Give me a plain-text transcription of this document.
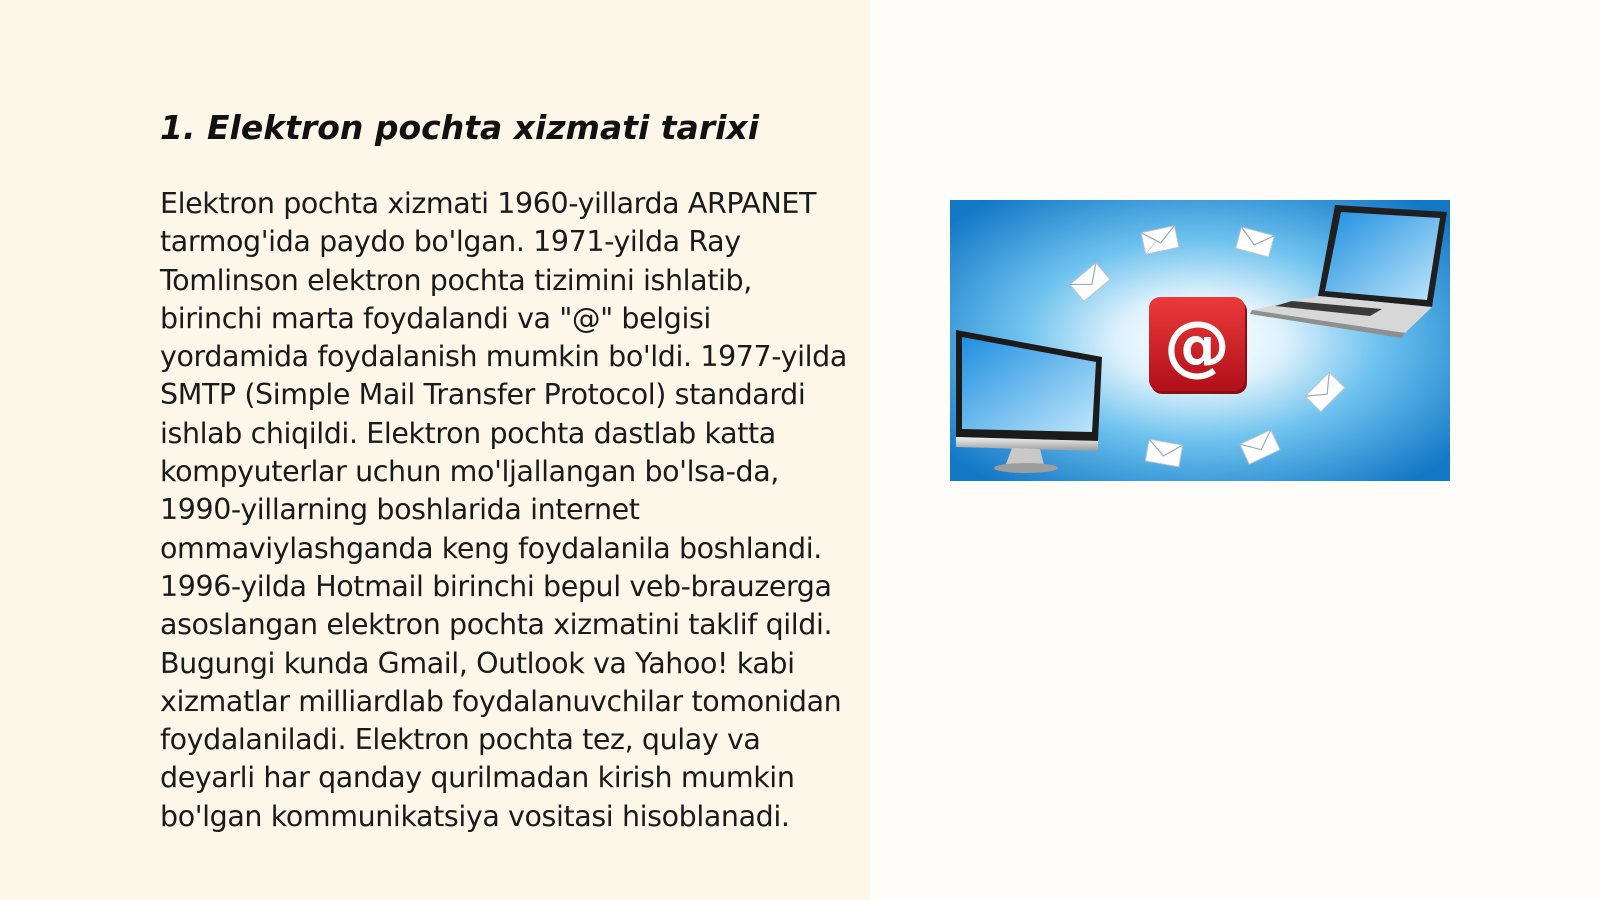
1. Elektron pochta xizmati tarixi

Elektron pochta xizmati 1960-yillarda ARPANET tarmog'ida paydo bo'lgan. 1971-yilda Ray Tomlinson elektron pochta tizimini ishlatib, birinchi marta foydalandi va "@" belgisi yordamida foydalanish mumkin bo'ldi. 1977-yilda SMTP (Simple Mail Transfer Protocol) standardi ishlab chiqildi. Elektron pochta dastlab katta kompyuterlar uchun mo'ljallangan bo'lsa-da, 1990-yillarning boshlarida internet ommaviylashganda keng foydalanila boshlandi. 1996-yilda Hotmail birinchi bepul veb-brauzerga asoslangan elektron pochta xizmatini taklif qildi. Bugungi kunda Gmail, Outlook va Yahoo! kabi xizmatlar milliardlab foydalanuvchilar tomonidan foydalaniladi. Elektron pochta tez, qulay va deyarli har qanday qurilmadan kirish mumkin bo'lgan kommunikatsiya vositasi hisoblanadi.

@
